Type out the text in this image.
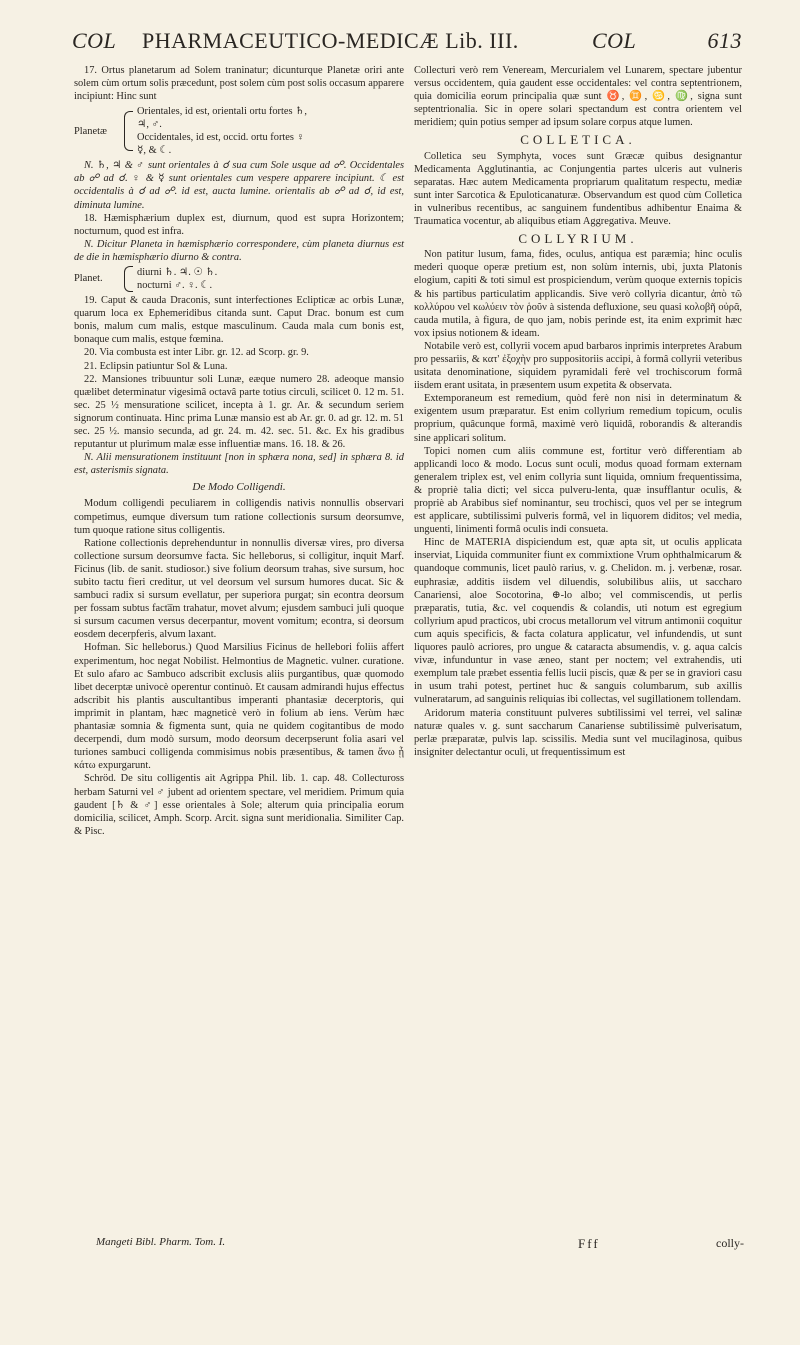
COL PHARMACEUTICO-MEDICÆ Lib. III.	COL	613

17. Ortus planetarum ad Solem traninatur; dicunturque Planetæ oriri ante solem cùm ortum solis præcedunt, post solem cùm post solis occasum apparere incipiunt: Hinc sunt

Planetæ
Orientales, id est, orientali ortu fortes ♄,
♃, ♂.
Occidentales, id est, occid. ortu fortes ♀
☿, & ☾.

N. ♄, ♃ & ♂ sunt orientales à ☌ sua cum Sole usque ad ☍. Occidentales ab ☍ ad ☌. ♀ & ☿ sunt orientales cum vespere apparere incipiunt. ☾ est occidentalis à ☌ ad ☍. id est, aucta lumine. orientalis ab ☍ ad ☌, id est, diminuta lumine.

18. Hæmisphærium duplex est, diurnum, quod est supra Horizontem; nocturnum, quod est infra.

N. Dicitur Planeta in hæmisphærio correspondere, cùm planeta diurnus est de die in hæmisphærio diurno & contra.

Planet.
diurni ♄. ♃. ☉ ♄.
nocturni ♂. ♀. ☾.

19. Caput & cauda Draconis, sunt interfectiones Eclipticæ ac orbis Lunæ, quarum loca ex Ephemeridibus citanda sunt. Caput Drac. bonum est cum bonis, malum cum malis, estque masculinum. Cauda mala cum bonis est, bonaque cum malis, estque fœmina.

20. Via combusta est inter Libr. gr. 12. ad Scorp. gr. 9.

21. Eclipsin patiuntur Sol & Luna.

22. Mansiones tribuuntur soli Lunæ, eæque numero 28. adeoque mansio quælibet determinatur vigesimâ octavâ parte totius circuli, scilicet 0. 12 m. 51. sec. 25 ½ mensuratione scilicet, incepta à 1. gr. Ar. & secundum seriem signorum continuata. Hinc prima Lunæ mansio est ab Ar. gr. 0. ad gr. 12. m. 51 sec. 25 ½. mansio secunda, ad gr. 24. m. 42. sec. 51. &c. Ex his gradibus reputantur ut plurimum malæ esse influentiæ mans. 16. 18. & 26.

N. Alii mensurationem instituunt [non in sphæra nona, sed] in sphæra 8. id est, asterismis signata.

De Modo Colligendi.

Modum colligendi peculiarem in colligendis nativis nonnullis observari competimus, eumque diversum tum ratione collectionis sursum deorsumve, tum quoque ratione situs colligentis.

Ratione collectionis deprehenduntur in nonnullis diversæ vires, pro diversa collectione sursum deorsumve facta. Sic helleborus, si colligitur, inquit Marf. Ficinus (lib. de sanit. studiosor.) sive folium deorsum trahas, sive sursum, hoc subito tactu fieri creditur, ut vel deorsum vel sursum humores ducat. Sic & sambuci radix si sursum evellatur, per superiora purgat; sin econtra deorsum per fossam subtus facta̅m trahatur, movet alvum; ejusdem sambuci juli quoque si sursum cacumen versus decerpantur, movent vomitum; econtra, si deorsum eosdem decerpferis, alvum laxant.

Hofman. Sic helleborus.) Quod Marsilius Ficinus de hellebori foliis affert experimentum, hoc negat Nobilist. Helmontius de Magnetic. vulner. curatione. Et sulo afaro ac Sambuco adscribit exclusis aliis purgantibus, quæ quomodo libet decerptæ univocè operentur continuò. Et causam admirandi hujus effectus adscribit his plantis auscultantibus imperanti phantasiæ decerptoris, qui imprimit in plantam, hæc magneticè verò in folium ab iens. Verùm hæc phantasiæ somnia & figmenta sunt, quia ne quidem cogitantibus de modo decerpendi, dum modò sursum, modo deorsum decerpserunt folia asari vel turiones sambuci colligenda commisimus nobis præsentibus, & tamen ἄνω ᾗ κάτω expurgarunt.

Schröd. De situ colligentis ait Agrippa Phil. lib. 1. cap. 48. Collectuross herbam Saturni vel ♂ jubent ad orientem spectare, vel meridiem. Primum quia gaudent [♄ & ♂] esse orientales à Sole; alterum quia principalia eorum domicilia, scilicet, Amph. Scorp. Arcit. signa sunt meridionalia. Similiter Cap. & Pisc.

Collecturi verò rem Veneream, Mercurialem vel Lunarem, spectare jubentur versus occidentem, quia gaudent esse occidentales: vel contra septentrionem, quia domicilia eorum principalia quæ sunt ♉, ♊, ♋, ♍, signa sunt septentrionalia. Sic in opere solari spectandum est contra orientem vel meridiem; quin potius semper ad ipsum solare corpus atque lumen.

COLLETICA.

Colletica seu Symphyta, voces sunt Græcæ quibus designantur Medicamenta Agglutinantia, ac Conjungentia partes ulceris aut vulneris separatas. Hæc autem Medicamenta propriarum qualitatum respectu, mediæ sunt inter Sarcotica & Epuloticanaturæ. Observandum est quod cùm Colletica in vulneribus recentibus, ac sanguinem fundentibus adhibentur Enaima & Traumatica vocentur, ab aliquibus etiam Aggregativa. Meuve.

COLLYRIUM.

Non patitur lusum, fama, fides, oculus, antiqua est paræmia; hinc oculis mederi quoque operæ pretium est, non solùm internis, ubi, juxta Platonis elogium, capiti & toti simul est prospiciendum, verùm quoque externis topicis & his partibus particulatim applicandis. Sive verò collyria dicantur, ἀπὸ τῶ κολλύρου vel κωλύειν τὸν ῥοῦν à sistenda defluxione, seu quasi κολοβῆ οὐρᾶ, cauda mutila, à figura, de quo jam, nobis perinde est, ita enim exprimit hæc vox ipsius notionem & ideam.

Notabile verò est, collyrii vocem apud barbaros inprimis interpretes Arabum pro pessariis, & κατ' ἐξοχὴν pro suppositoriis accipi, à formâ collyrii veteribus usitata denominatione, siquidem pyramidali ferè vel trochiscorum formâ iisdem erant usitata, in præsentem usum expetita & observata.

Extemporaneum est remedium, quòd ferè non nisi in determinatum & exigentem usum præparatur. Est enim collyrium remedium topicum, oculis proprium, quâcunque formâ, maximè verò liquidâ, roborandis & alterandis sine applicari solitum.

Topici nomen cum aliis commune est, fortitur verò differentiam ab applicandi loco & modo. Locus sunt oculi, modus quoad formam externam generalem triplex est, vel enim collyria sunt liquida, omnium frequentissima, & propriè talia dicti; vel sicca pulveru-lenta, quæ insufflantur oculis, & propriè ab Arabibus sief nominantur, seu trochisci, quos vel per se integrum est applicare, subtilissimi pulveris formâ, vel in liquorem diditos; vel media, unguenti, linimenti formâ oculis indi consueta.

Hinc de MATERIA dispiciendum est, quæ apta sit, ut oculis applicata inserviat, Liquida communiter fiunt ex commixtione Vrum ophthalmicarum & quandoque communis, licet paulò rarius, v. g. Chelidon. m. j. verbenæ, rosar. euphrasiæ, additis iisdem vel diluendis, solubilibus aliis, ut saccharo Canariensi, aloe Socotorina, ⊕-lo albo; vel commiscendis, ut perlis præparatis, tutia, &c. vel coquendis & colandis, uti notum est egregium collyrium apud practicos, ubi crocus metallorum vel vitrum antimonii coquitur cum aquis specificis, & facta colatura applicatur, vel infundendis, ut sunt liquores paulò acriores, pro unguе & cataracta absumendis, v. g. aqua calcis vivæ, infunduntur in vase æneo, stant per noctem; vel extrahendis, uti exemplum tale præbet essentia fellis lucii piscis, quæ & per se in graviori casu in usum trahi potest, pertinet huc & sanguis columbarum, sub axillis vulneratarum, ad sanguinis reliquias ibi collectas, vel sugillationem tollendam.

Aridorum materia constituunt pulveres subtilissimi vel terrei, vel salinæ naturæ quales v. g. sunt saccharum Canariense subtilissimè pulverisatum, perlæ præparatæ, pulvis lap. scissilis. Media sunt vel mucilaginosa, quibus insigniter delectantur oculi, ut frequentissimum est

Mangeti Bibl. Pharm. Tom. I.	Fff	colly-
